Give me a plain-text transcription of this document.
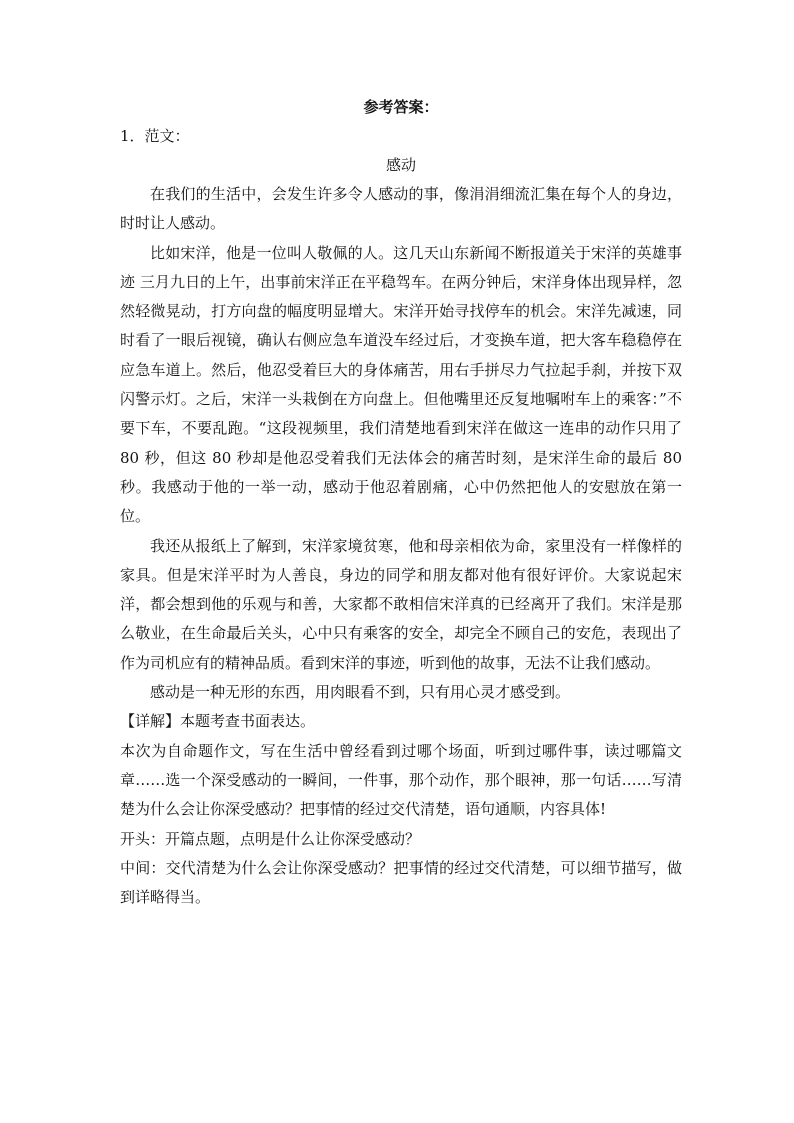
参考答案：

1．范文：

感动

在我们的生活中，会发生许多令人感动的事，像涓涓细流汇集在每个人的身边，时时让人感动。

比如宋洋，他是一位叫人敬佩的人。这几天山东新闻不断报道关于宋洋的英雄事迹 三月九日的上午，出事前宋洋正在平稳驾车。在两分钟后，宋洋身体出现异样，忽然轻微晃动，打方向盘的幅度明显增大。宋洋开始寻找停车的机会。宋洋先减速，同时看了一眼后视镜，确认右侧应急车道没车经过后，才变换车道，把大客车稳稳停在应急车道上。然后，他忍受着巨大的身体痛苦，用右手拼尽力气拉起手刹，并按下双闪警示灯。之后，宋洋一头栽倒在方向盘上。但他嘴里还反复地嘱咐车上的乘客：”不要下车，不要乱跑。“这段视频里，我们清楚地看到宋洋在做这一连串的动作只用了 80 秒，但这 80 秒却是他忍受着我们无法体会的痛苦时刻，是宋洋生命的最后 80 秒。我感动于他的一举一动，感动于他忍着剧痛，心中仍然把他人的安慰放在第一位。

我还从报纸上了解到，宋洋家境贫寒，他和母亲相依为命，家里没有一样像样的家具。但是宋洋平时为人善良，身边的同学和朋友都对他有很好评价。大家说起宋洋，都会想到他的乐观与和善，大家都不敢相信宋洋真的已经离开了我们。宋洋是那么敬业，在生命最后关头，心中只有乘客的安全，却完全不顾自己的安危，表现出了作为司机应有的精神品质。看到宋洋的事迹，听到他的故事，无法不让我们感动。

感动是一种无形的东西，用肉眼看不到，只有用心灵才感受到。

【详解】本题考查书面表达。

本次为自命题作文，写在生活中曾经看到过哪个场面，听到过哪件事，读过哪篇文章……选一个深受感动的一瞬间，一件事，那个动作，那个眼神，那一句话……写清楚为什么会让你深受感动？把事情的经过交代清楚，语句通顺，内容具体!

开头：开篇点题，点明是什么让你深受感动？

中间：交代清楚为什么会让你深受感动？把事情的经过交代清楚，可以细节描写，做到详略得当。
